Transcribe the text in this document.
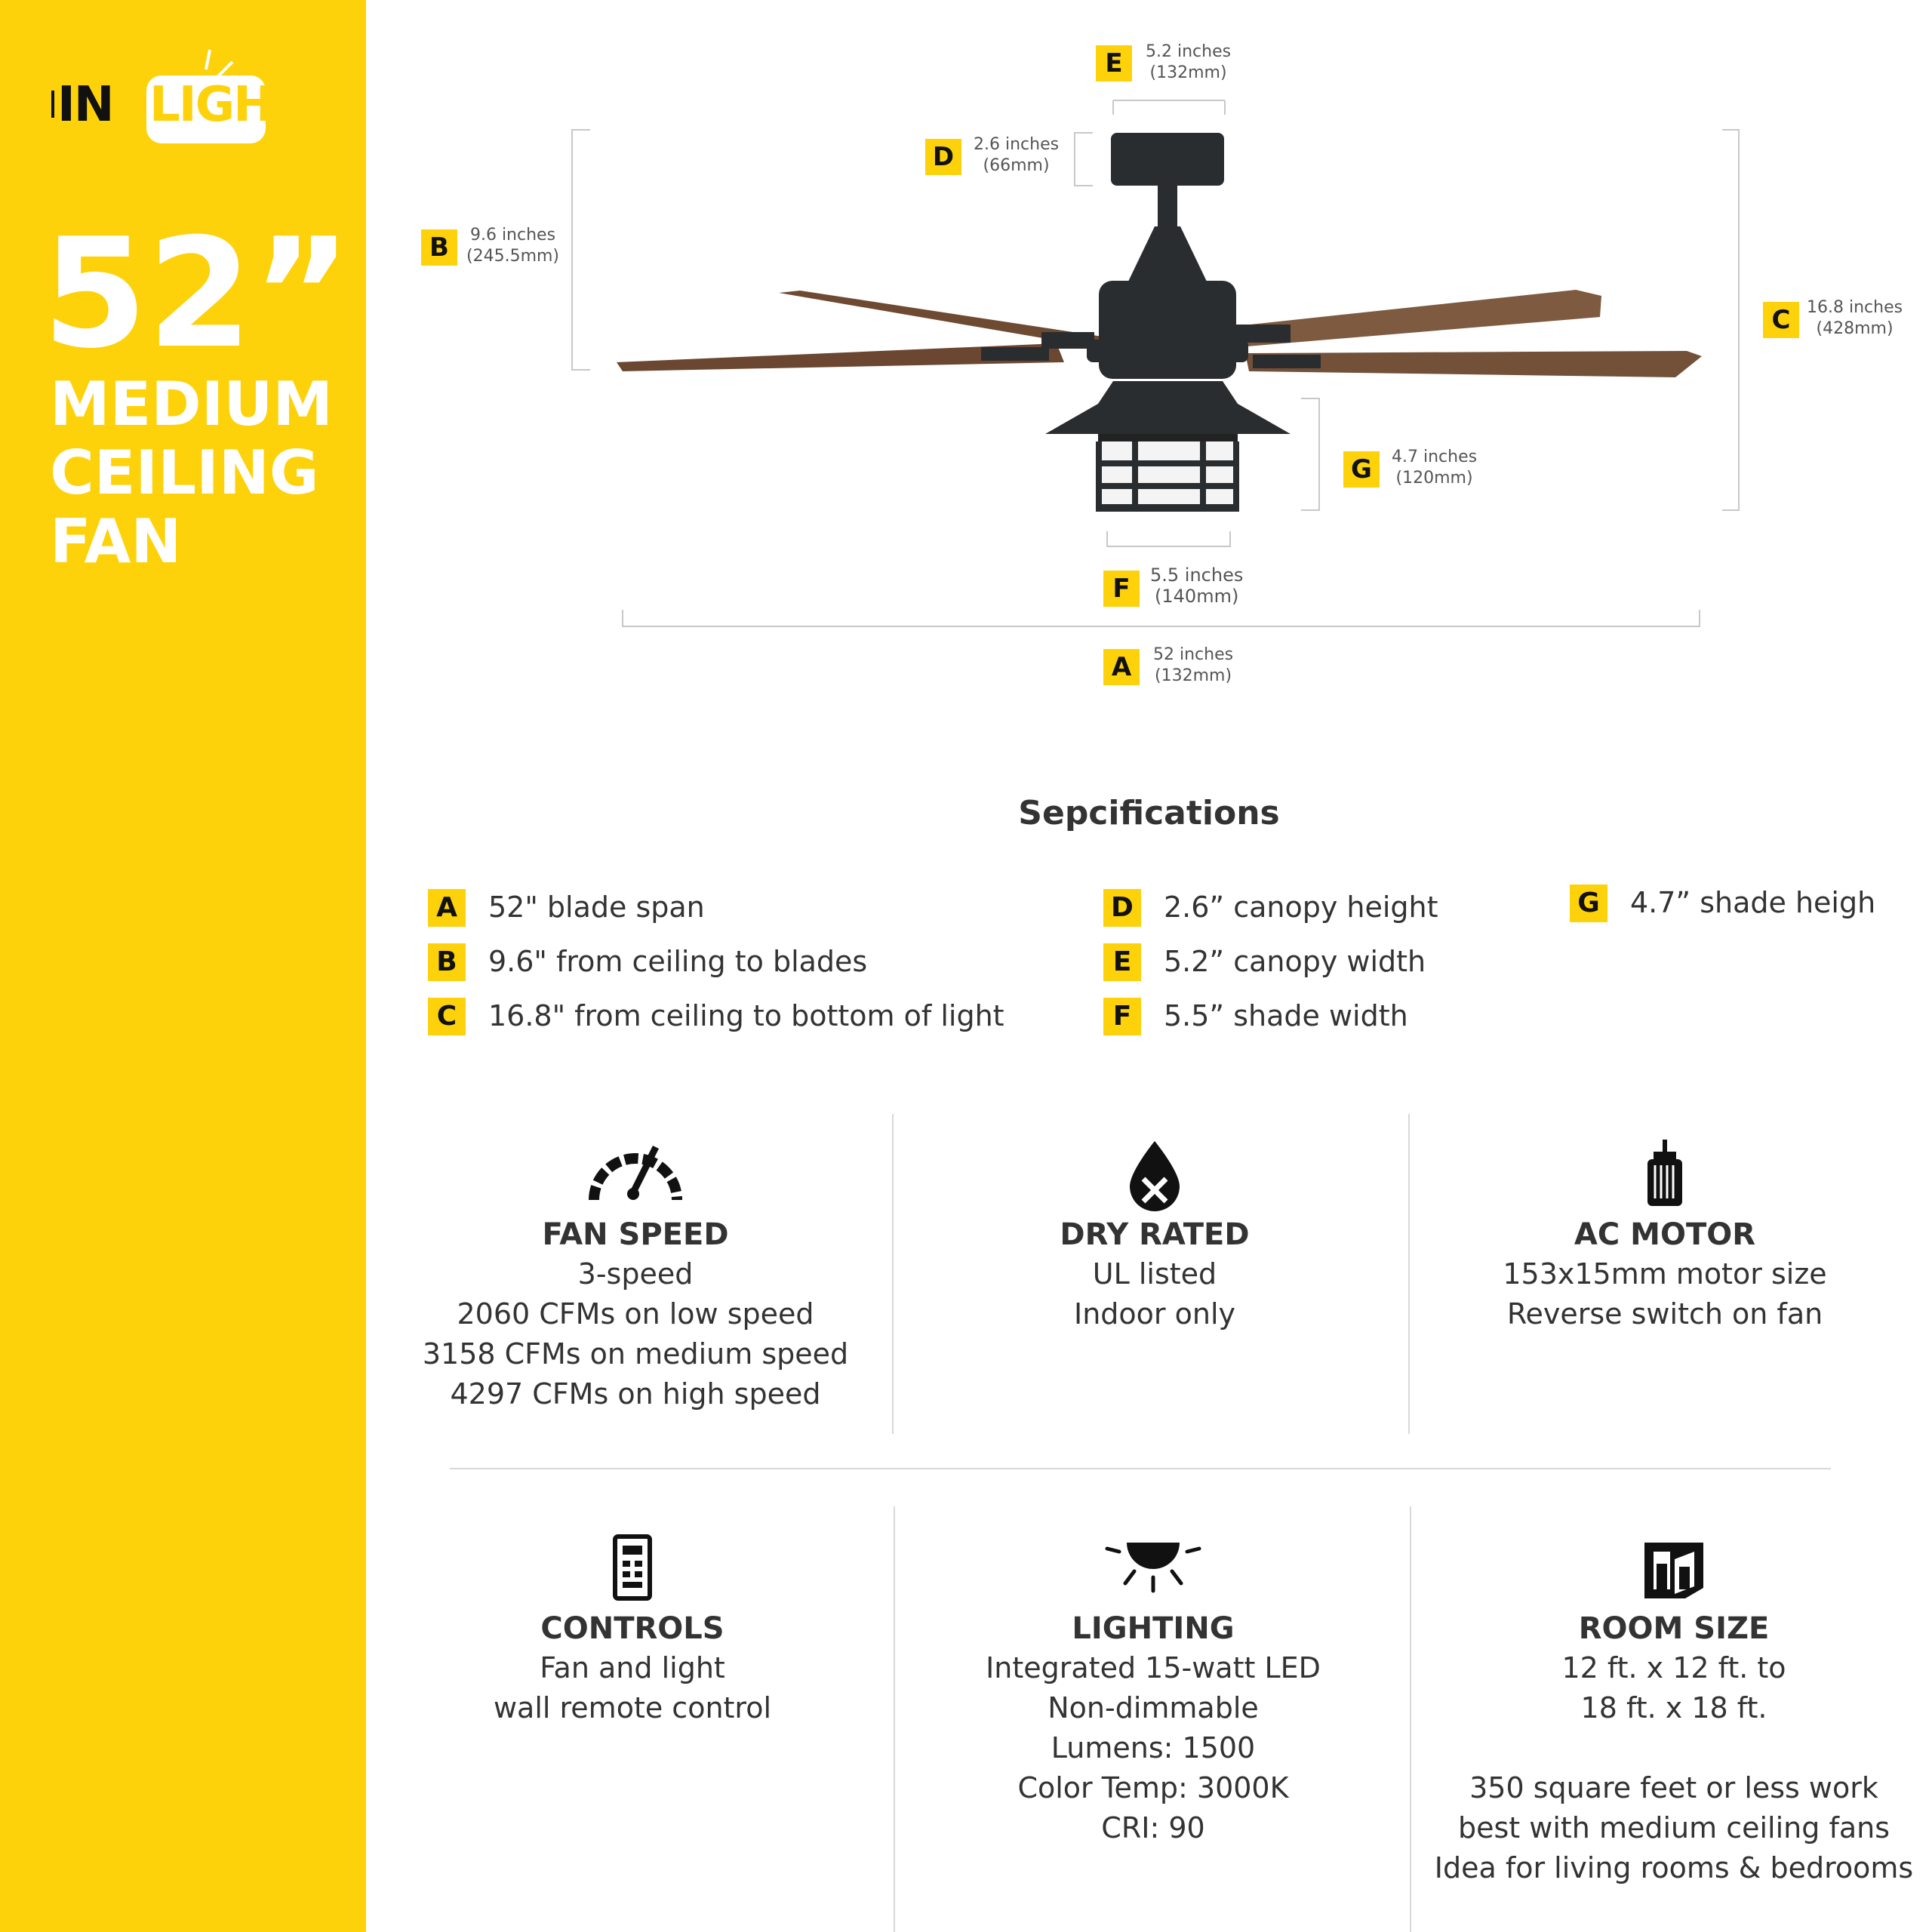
IN LIGHT
52”
MEDIUM
CEILING
FAN
E	5.2 inches
(132mm)
D	2.6 inches
(66mm)
B	9.6 inches
(245.5mm)
C 16.8 inches
(428mm)
G	4.7 inches
(120mm)
F	5.5 inches
(140mm)
A	52 inches
(132mm)
Sepcifications
A 52" blade span
B 9.6" from ceiling to blades
C	16.8" from ceiling to bottom of light
D 2.6” canopy height
E	5.2” canopy width
F	5.5” shade width
G 4.7” shade heigh
FAN SPEED
3-speed
2060 CFMs on low speed
3158 CFMs on medium speed
4297 CFMs on high speed
DRY RATED
UL listed
Indoor only
AC MOTOR
153x15mm motor size
Reverse switch on fan
CONTROLS
Fan and light
wall remote control
LIGHTING
Integrated 15-watt LED
Non-dimmable
Lumens: 1500
Color Temp: 3000K
CRI: 90
ROOM SIZE
12 ft. x 12 ft. to
18 ft. x 18 ft.
350 square feet or less work
best with medium ceiling fans
Idea for living rooms & bedrooms
